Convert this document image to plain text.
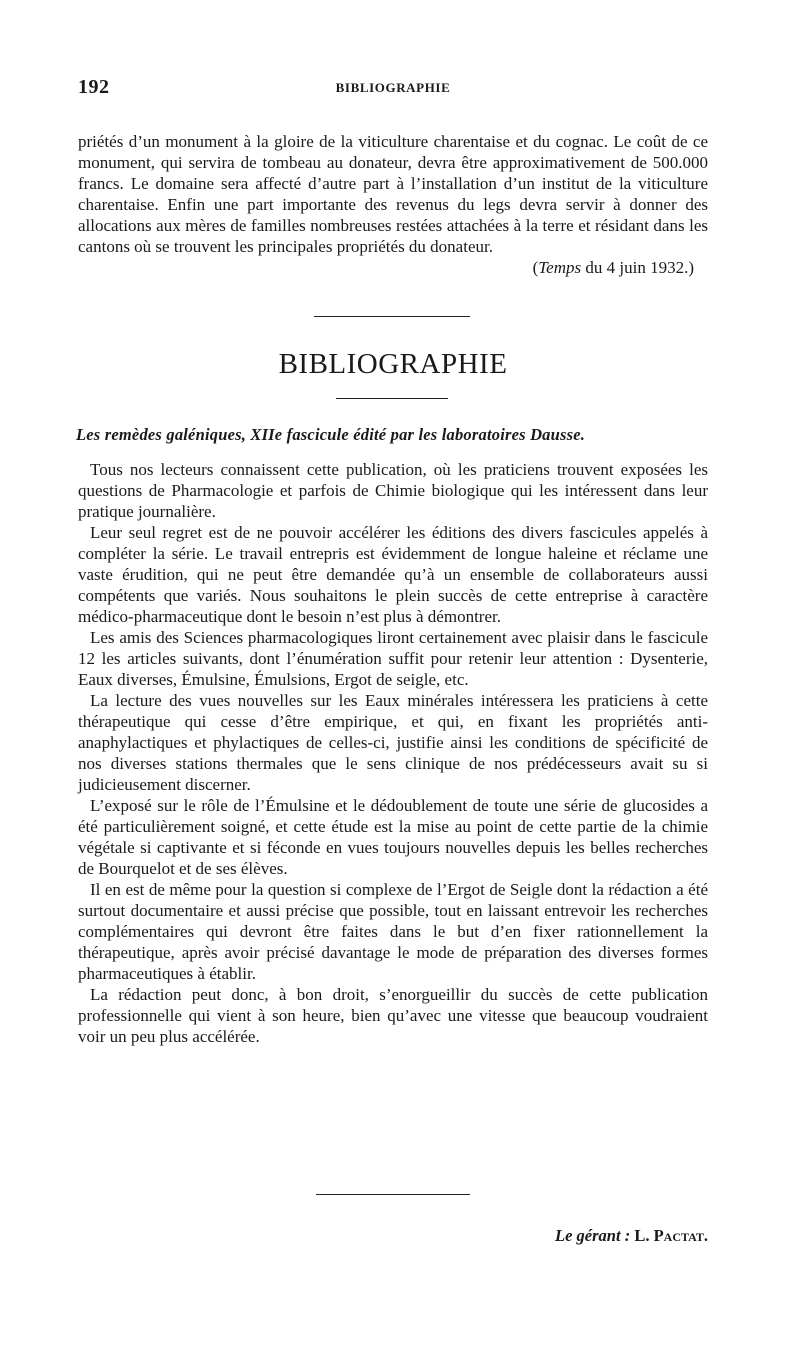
192	BIBLIOGRAPHIE

priétés d’un monument à la gloire de la viticulture charentaise et du cognac. Le coût de ce monument, qui servira de tombeau au donateur, devra être approximativement de 500.000 francs. Le domaine sera affecté d’autre part à l’installation d’un institut de la viticulture charentaise. Enfin une part importante des revenus du legs devra servir à donner des allocations aux mères de familles nombreuses restées attachées à la terre et résidant dans les cantons où se trouvent les principales propriétés du donateur.

(Temps du 4 juin 1932.)

BIBLIOGRAPHIE
Les remèdes galéniques, XIIe fascicule édité par les laboratoires Dausse.

Tous nos lecteurs connaissent cette publication, où les praticiens trouvent exposées les questions de Pharmacologie et parfois de Chimie biologique qui les intéressent dans leur pratique journalière.

Leur seul regret est de ne pouvoir accélérer les éditions des divers fascicules appelés à compléter la série. Le travail entrepris est évidemment de longue haleine et réclame une vaste érudition, qui ne peut être demandée qu’à un ensemble de collaborateurs aussi compétents que variés. Nous souhaitons le plein succès de cette entreprise à caractère médico-pharmaceutique dont le besoin n’est plus à démontrer.

Les amis des Sciences pharmacologiques liront certainement avec plaisir dans le fascicule 12 les articles suivants, dont l’énumération suffit pour retenir leur attention : Dysenterie, Eaux diverses, Émulsine, Émulsions, Ergot de seigle, etc.

La lecture des vues nouvelles sur les Eaux minérales intéressera les praticiens à cette thérapeutique qui cesse d’être empirique, et qui, en fixant les propriétés anti-anaphylactiques et phylactiques de celles-ci, justifie ainsi les conditions de spécificité de nos diverses stations thermales que le sens clinique de nos prédécesseurs avait su si judicieusement discerner.

L’exposé sur le rôle de l’Émulsine et le dédoublement de toute une série de glucosides a été particulièrement soigné, et cette étude est la mise au point de cette partie de la chimie végétale si captivante et si féconde en vues toujours nouvelles depuis les belles recherches de Bourquelot et de ses élèves.

Il en est de même pour la question si complexe de l’Ergot de Seigle dont la rédaction a été surtout documentaire et aussi précise que possible, tout en laissant entrevoir les recherches complémentaires qui devront être faites dans le but d’en fixer rationnellement la thérapeutique, après avoir précisé davantage le mode de préparation des diverses formes pharmaceutiques à établir.

La rédaction peut donc, à bon droit, s’enorgueillir du succès de cette publication professionnelle qui vient à son heure, bien qu’avec une vitesse que beaucoup voudraient voir un peu plus accélérée.

Le gérant : L. Pactat.
